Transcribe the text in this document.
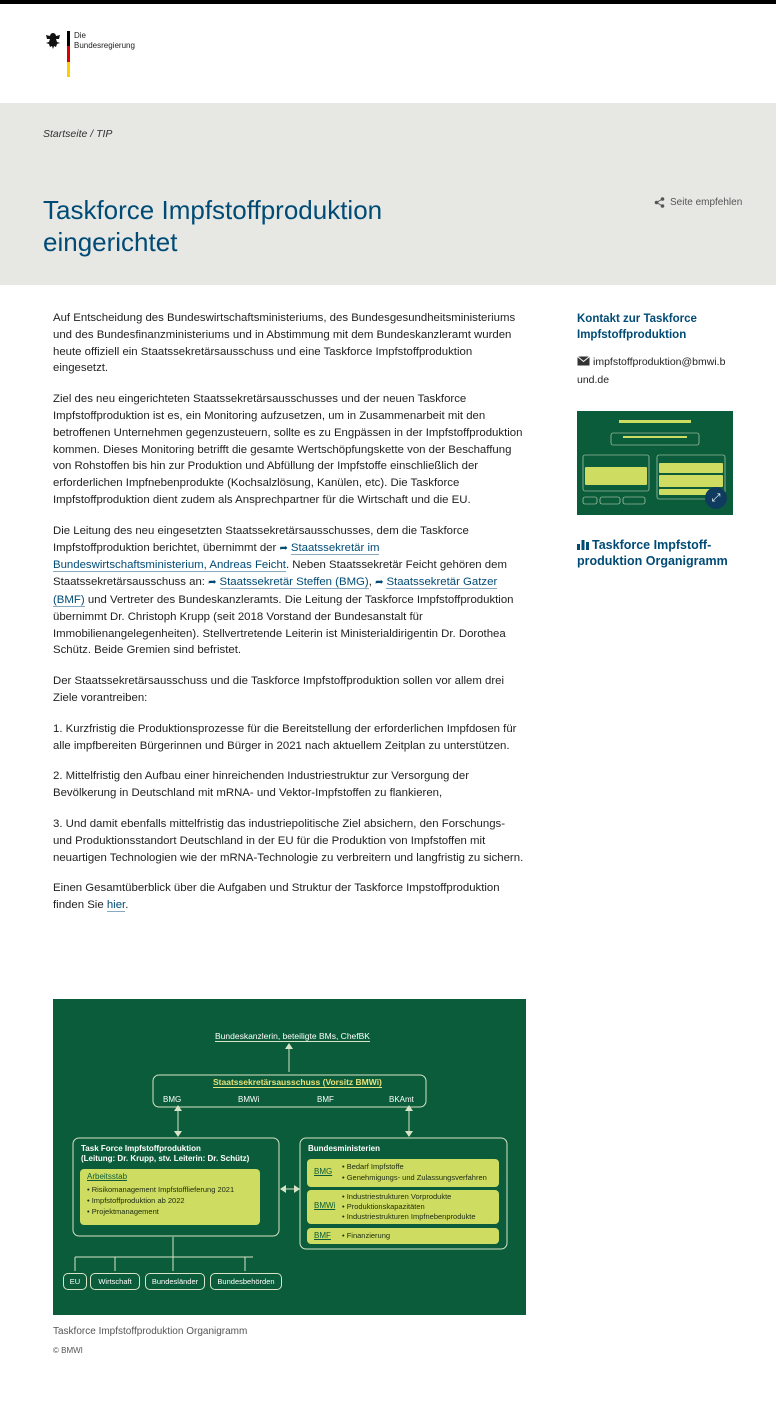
Die
Bundesregierung
Startseite / TIP
Taskforce Impfstoffproduktion eingerichtet
Seite empfehlen

Auf Entscheidung des Bundeswirtschaftsministeriums, des Bundesgesundheitsministeriums und des Bundesfinanzministeriums und in Abstimmung mit dem Bundeskanzleramt wurden heute offiziell ein Staatssekretärsausschuss und eine Taskforce Impfstoffproduktion eingesetzt.

Ziel des neu eingerichteten Staatssekretärsausschusses und der neuen Taskforce Impfstoffproduktion ist es, ein Monitoring aufzusetzen, um in Zusammenarbeit mit den betroffenen Unternehmen gegenzusteuern, sollte es zu Engpässen in der Impfstoffproduktion kommen. Dieses Monitoring betrifft die gesamte Wertschöpfungskette von der Beschaffung von Rohstoffen bis hin zur Produktion und Abfüllung der Impfstoffe einschließlich der erforderlichen Impfnebenprodukte (Kochsalzlösung, Kanülen, etc). Die Taskforce Impfstoffproduktion dient zudem als Ansprechpartner für die Wirtschaft und die EU.

Die Leitung des neu eingesetzten Staatssekretärsausschusses, dem die Taskforce Impfstoffproduktion berichtet, übernimmt der ➦ Staatssekretär im Bundeswirtschaftsministerium, Andreas Feicht. Neben Staatssekretär Feicht gehören dem Staatssekretärsausschuss an: ➦ Staatssekretär Steffen (BMG), ➦ Staatssekretär Gatzer (BMF) und Vertreter des Bundeskanzleramts. Die Leitung der Taskforce Impfstoffproduktion übernimmt Dr. Christoph Krupp (seit 2018 Vorstand der Bundesanstalt für Immobilienangelegenheiten). Stellvertretende Leiterin ist Ministerialdirigentin Dr. Dorothea Schütz. Beide Gremien sind befristet.

Der Staatssekretärsausschuss und die Taskforce Impfstoffproduktion sollen vor allem drei Ziele vorantreiben:

1. Kurzfristig die Produktionsprozesse für die Bereitstellung der erforderlichen Impfdosen für alle impfbereiten Bürgerinnen und Bürger in 2021 nach aktuellem Zeitplan zu unterstützen.

2. Mittelfristig den Aufbau einer hinreichenden Industriestruktur zur Versorgung der Bevölkerung in Deutschland mit mRNA- und Vektor-Impfstoffen zu flankieren,

3. Und damit ebenfalls mittelfristig das industriepolitische Ziel absichern, den Forschungs- und Produktionsstandort Deutschland in der EU für die Produktion von Impfstoffen mit neuartigen Technologien wie der mRNA-Technologie zu verbreitern und langfristig zu sichern.

Einen Gesamtüberblick über die Aufgaben und Struktur der Taskforce Impstoffproduktion finden Sie hier.

Bundeskanzlerin, beteiligte BMs, ChefBK
Staatssekretärsausschuss (Vorsitz BMWi)
BMG	BMWi	BMF	BKAmt
Task Force Impfstoffproduktion
(Leitung: Dr. Krupp, stv. Leiterin: Dr. Schütz)
Arbeitsstab
• Risikomanagement Impfstofflieferung 2021
• Impfstoffproduktion ab 2022
• Projektmanagement
Bundesministerien
BMG
• Bedarf Impfstoffe
• Genehmigungs- und Zulassungsverfahren
BMWi
• Industriestrukturen Vorprodukte
• Produktionskapazitäten
• Industriestrukturen Impfnebenprodukte
BMF • Finanzierung
EU	Wirtschaft	Bundesländer	Bundesbehörden
Taskforce Impfstoffproduktion Organigramm
© BMWI
Kontakt zur Taskforce Impfstoffproduktion
impfstoffproduktion@bmwi.bund.de
⤢
Taskforce Impfstoffproduktion Organigramm
